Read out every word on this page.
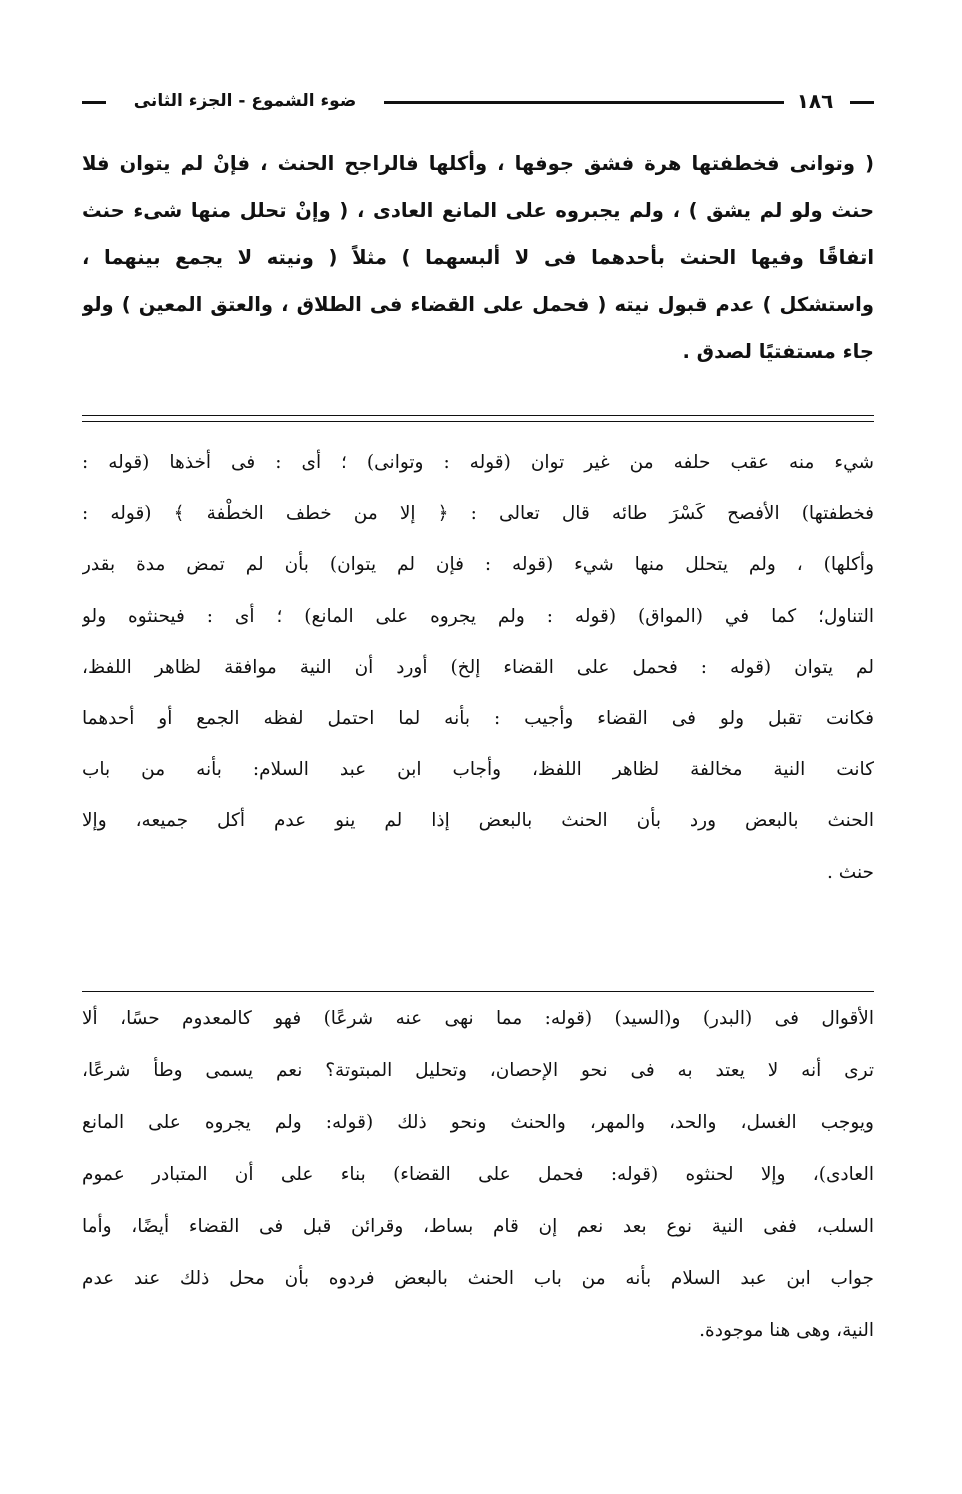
١٨٦
ضوء الشموع - الجزء الثانى
( وتوانى فخطفتها هرة فشق جوفها ، وأكلها فالراجح الحنث ، فإنْ لم يتوان فلا
حنث ولو لم يشق ) ، ولم يجبروه على المانع العادى ، ( وإنْ تحلل منها شىء حنث
اتفاقًا وفيها الحنث بأحدهما فى لا ألبسهما ) مثلاً ( ونيته لا يجمع بينهما ،
واستشكل ) عدم قبول نيته ( فحمل على القضاء فى الطلاق ، والعتق المعين ) ولو
جاء مستفتيًا لصدق .
شيء منه عقب حلفه من غير توان (قوله : وتوانى) ؛ أى : فى أخذها (قوله :
فخطفتها) الأفصح كَسْرَ طائه قال تعالى : ﴿ إلا من خطف الخطْفة ﴾ (قوله :
وأكلها) ، ولم يتحلل منها شيء (قوله : فإن لم يتوان) بأن لم تمض مدة بقدر
التناول؛ كما في (المواق) (قوله : ولم يجروه على المانع) ؛ أى : فيحنثوه ولو
لم يتوان (قوله : فحمل على القضاء إلخ) أورد أن النية موافقة لظاهر اللفظ،
فكانت تقبل ولو فى القضاء وأجيب : بأنه لما احتمل لفظه الجمع أو أحدهما
كانت النية مخالفة لظاهر اللفظ، وأجاب ابن عبد السلام: بأنه من باب
الحنث بالبعض ورد بأن الحنث بالبعض إذا لم ينو عدم أكل جميعه، وإلا
حنث .
الأقوال فى (البدر) و(السيد) (قوله: مما نهى عنه شرعًا) فهو كالمعدوم حسًا، ألا
ترى أنه لا يعتد به فى نحو الإحصان، وتحليل المبتوتة؟ نعم يسمى وطأ شرعًا،
ويوجب الغسل، والحد، والمهر، والحنث ونحو ذلك (قوله: ولم يجروه على المانع
العادى)، وإلا لحنثوه (قوله: فحمل على القضاء) بناء على أن المتبادر عموم
السلب، ففى النية نوع بعد نعم إن قام بساط، وقرائن قبل فى القضاء أيضًا، وأما
جواب ابن عبد السلام بأنه من باب الحنث بالبعض فردوه بأن محل ذلك عند عدم
النية، وهى هنا موجودة.
